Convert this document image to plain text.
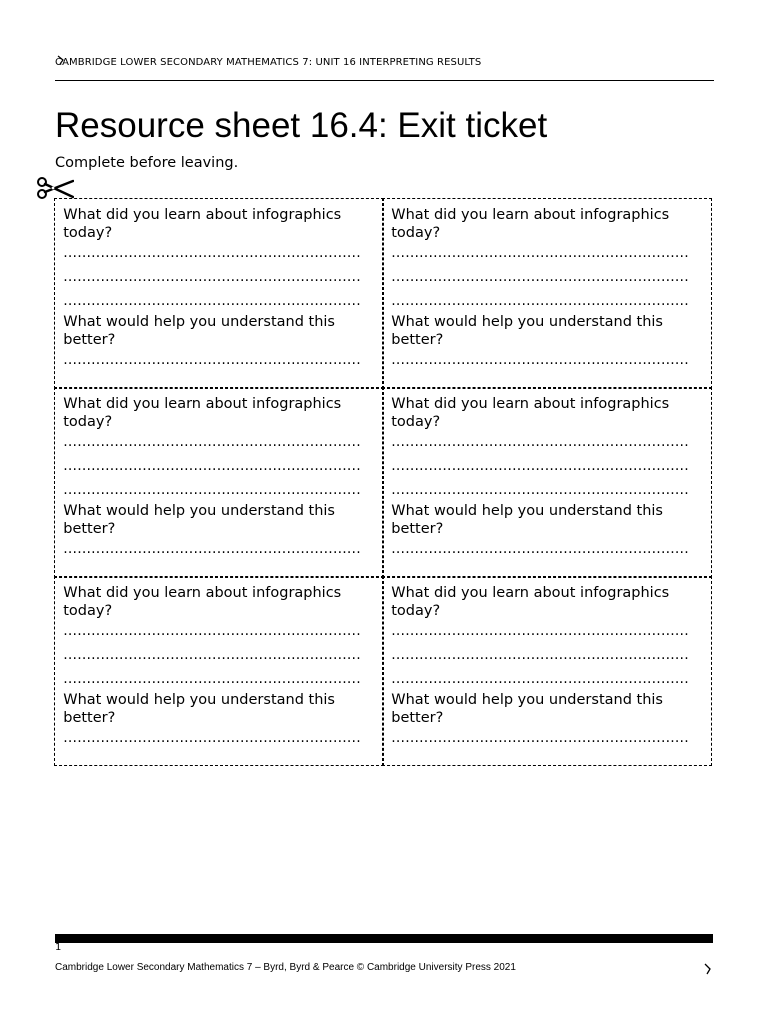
CAMBRIDGE LOWER SECONDARY MATHEMATICS 7: UNIT 16 INTERPRETING RESULTS
Resource sheet 16.4: Exit ticket

Complete before leaving.

What did you learn about infographics today?

................................................................

................................................................

................................................................

What would help you understand this better?

................................................................

What did you learn about infographics today?

................................................................

................................................................

................................................................

What would help you understand this better?

................................................................

What did you learn about infographics today?

................................................................

................................................................

................................................................

What would help you understand this better?

................................................................

What did you learn about infographics today?

................................................................

................................................................

................................................................

What would help you understand this better?

................................................................

What did you learn about infographics today?

................................................................

................................................................

................................................................

What would help you understand this better?

................................................................

What did you learn about infographics today?

................................................................

................................................................

................................................................

What would help you understand this better?

................................................................

1
Cambridge Lower Secondary Mathematics 7 – Byrd, Byrd & Pearce © Cambridge University Press 2021
